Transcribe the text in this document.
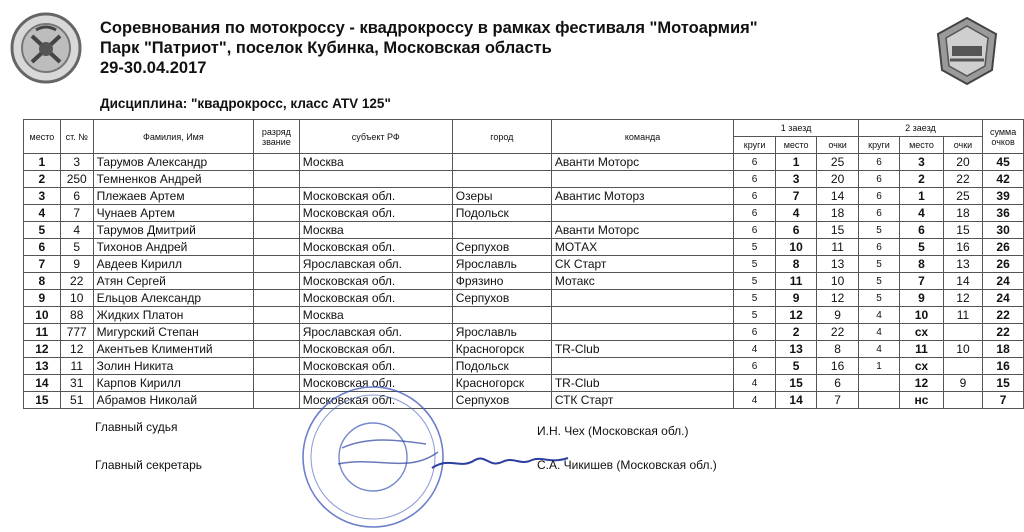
Соревнования по мотокроссу - квадрокроссу в рамках фестиваля "Мотоармия"
Парк "Патриот", поселок Кубинка, Московская область
29-30.04.2017
Дисциплина: "квадрокросс, класс ATV 125"
место	ст. №	Фамилия, Имя	разряд
звание	субъект РФ	город	команда	1 заезд			2 заезд			сумма
очков
							круги	место	очки	круги	место	очки	
1	3	Тарумов Александр		Москва		Аванти Моторс	6	1	25	6	3	20	45
2	250	Темненков Андрей					6	3	20	6	2	22	42
3	6	Плежаев Артем		Московская обл.	Озеры	Авантис Моторз	6	7	14	6	1	25	39
4	7	Чунаев Артем		Московская обл.	Подольск		6	4	18	6	4	18	36
5	4	Тарумов Дмитрий		Москва		Аванти Моторс	6	6	15	5	6	15	30
6	5	Тихонов Андрей		Московская обл.	Серпухов	МОТАХ	5	10	11	6	5	16	26
7	9	Авдеев Кирилл		Ярославская обл.	Ярославль	СК Старт	5	8	13	5	8	13	26
8	22	Атян Сергей		Московская обл.	Фрязино	Мотакс	5	11	10	5	7	14	24
9	10	Ельцов Александр		Московская обл.	Серпухов		5	9	12	5	9	12	24
10	88	Жидких Платон		Москва			5	12	9	4	10	11	22
11	777	Мигурский Степан		Ярославская обл.	Ярославль		6	2	22	4	сх		22
12	12	Акентьев Климентий		Московская обл.	Красногорск	TR-Club	4	13	8	4	11	10	18
13	11	Золин Никита		Московская обл.	Подольск		6	5	16	1	сх		16
14	31	Карпов Кирилл		Московская обл.	Красногорск	TR-Club	4	15	6		12	9	15
15	51	Абрамов Николай		Московская обл.	Серпухов	СТК Старт	4	14	7		нс		7
Главный судья	И.Н. Чех (Московская обл.)
Главный секретарь	С.А. Чикишев (Московская обл.)
